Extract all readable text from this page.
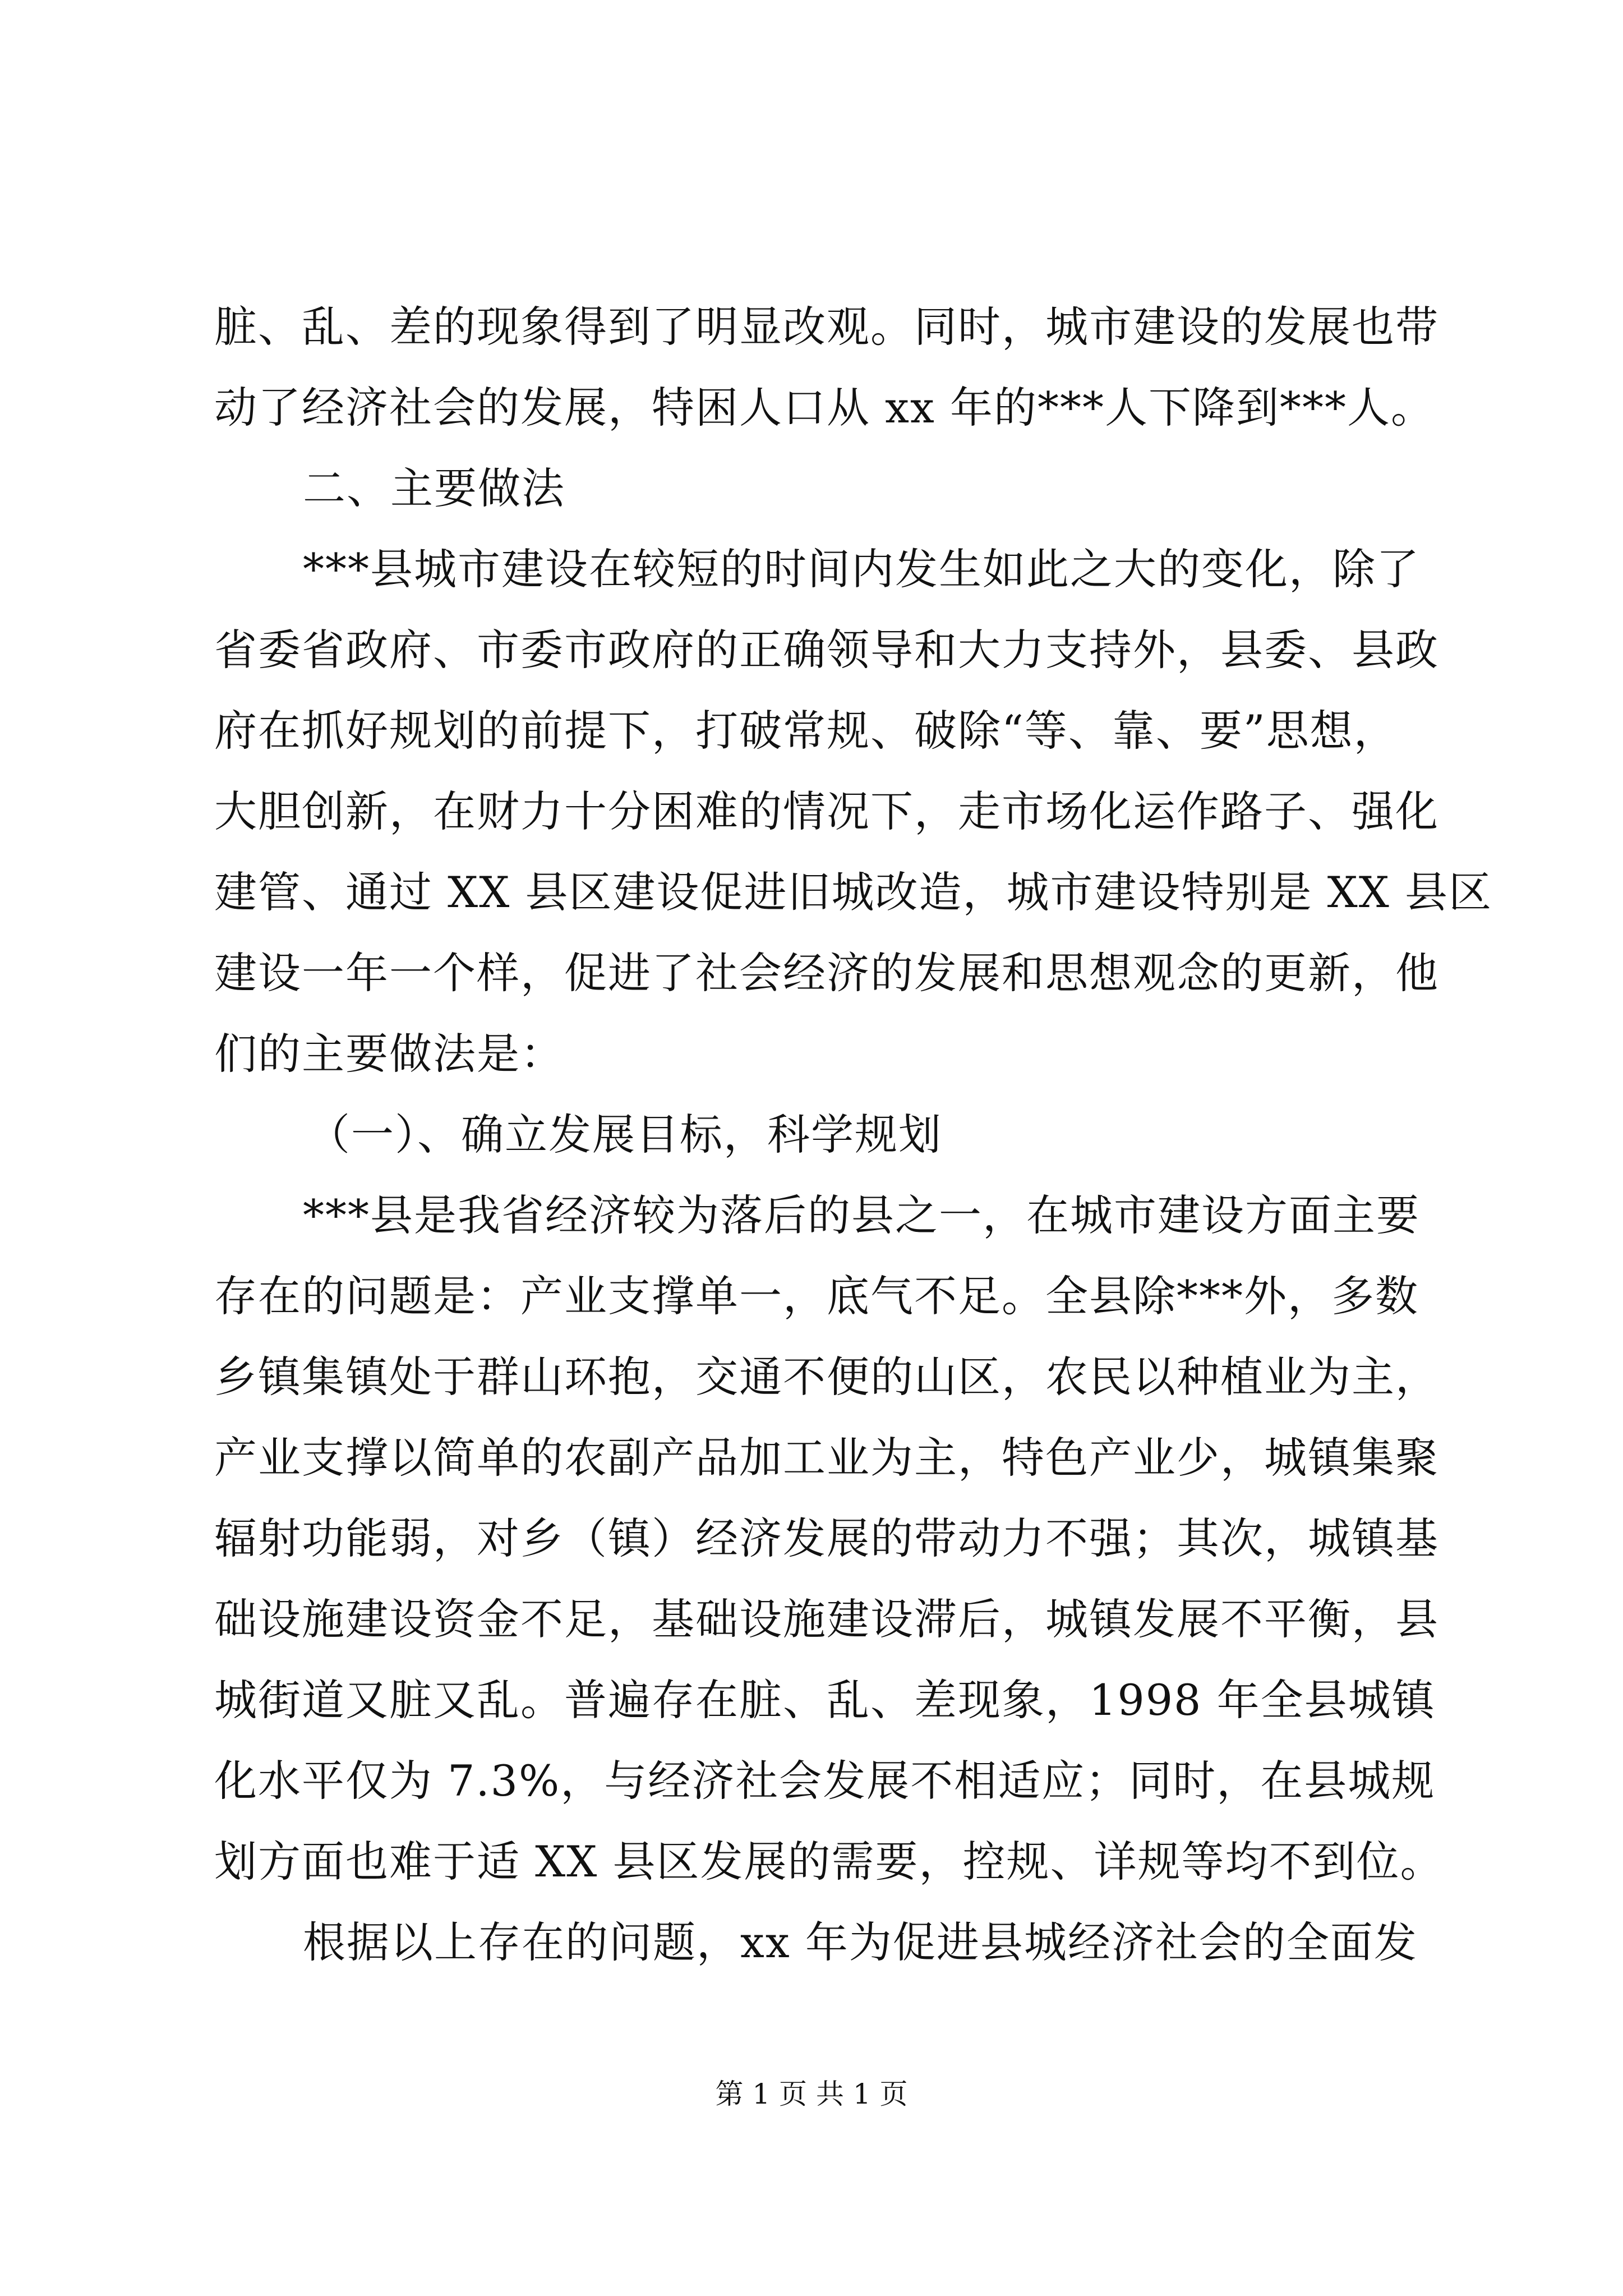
脏、乱、差的现象得到了明显改观。同时，城市建设的发展也带
动了经济社会的发展，特困人口从 xx 年的***人下降到***人。
二、主要做法
***县城市建设在较短的时间内发生如此之大的变化，除了
省委省政府、市委市政府的正确领导和大力支持外，县委、县政
府在抓好规划的前提下，打破常规、破除“等、靠、要”思想，
大胆创新，在财力十分困难的情况下，走市场化运作路子、强化
建管、通过 XX 县区建设促进旧城改造，城市建设特别是 XX 县区
建设一年一个样，促进了社会经济的发展和思想观念的更新，他
们的主要做法是：
（一）、确立发展目标，科学规划
***县是我省经济较为落后的县之一，在城市建设方面主要
存在的问题是：产业支撑单一，底气不足。全县除***外，多数
乡镇集镇处于群山环抱，交通不便的山区，农民以种植业为主，
产业支撑以简单的农副产品加工业为主，特色产业少，城镇集聚
辐射功能弱，对乡（镇）经济发展的带动力不强；其次，城镇基
础设施建设资金不足，基础设施建设滞后，城镇发展不平衡，县
城街道又脏又乱。普遍存在脏、乱、差现象，1998 年全县城镇
化水平仅为 7.3%，与经济社会发展不相适应；同时，在县城规
划方面也难于适 XX 县区发展的需要，控规、详规等均不到位。
根据以上存在的问题，xx 年为促进县城经济社会的全面发
第 1 页 共 1 页
